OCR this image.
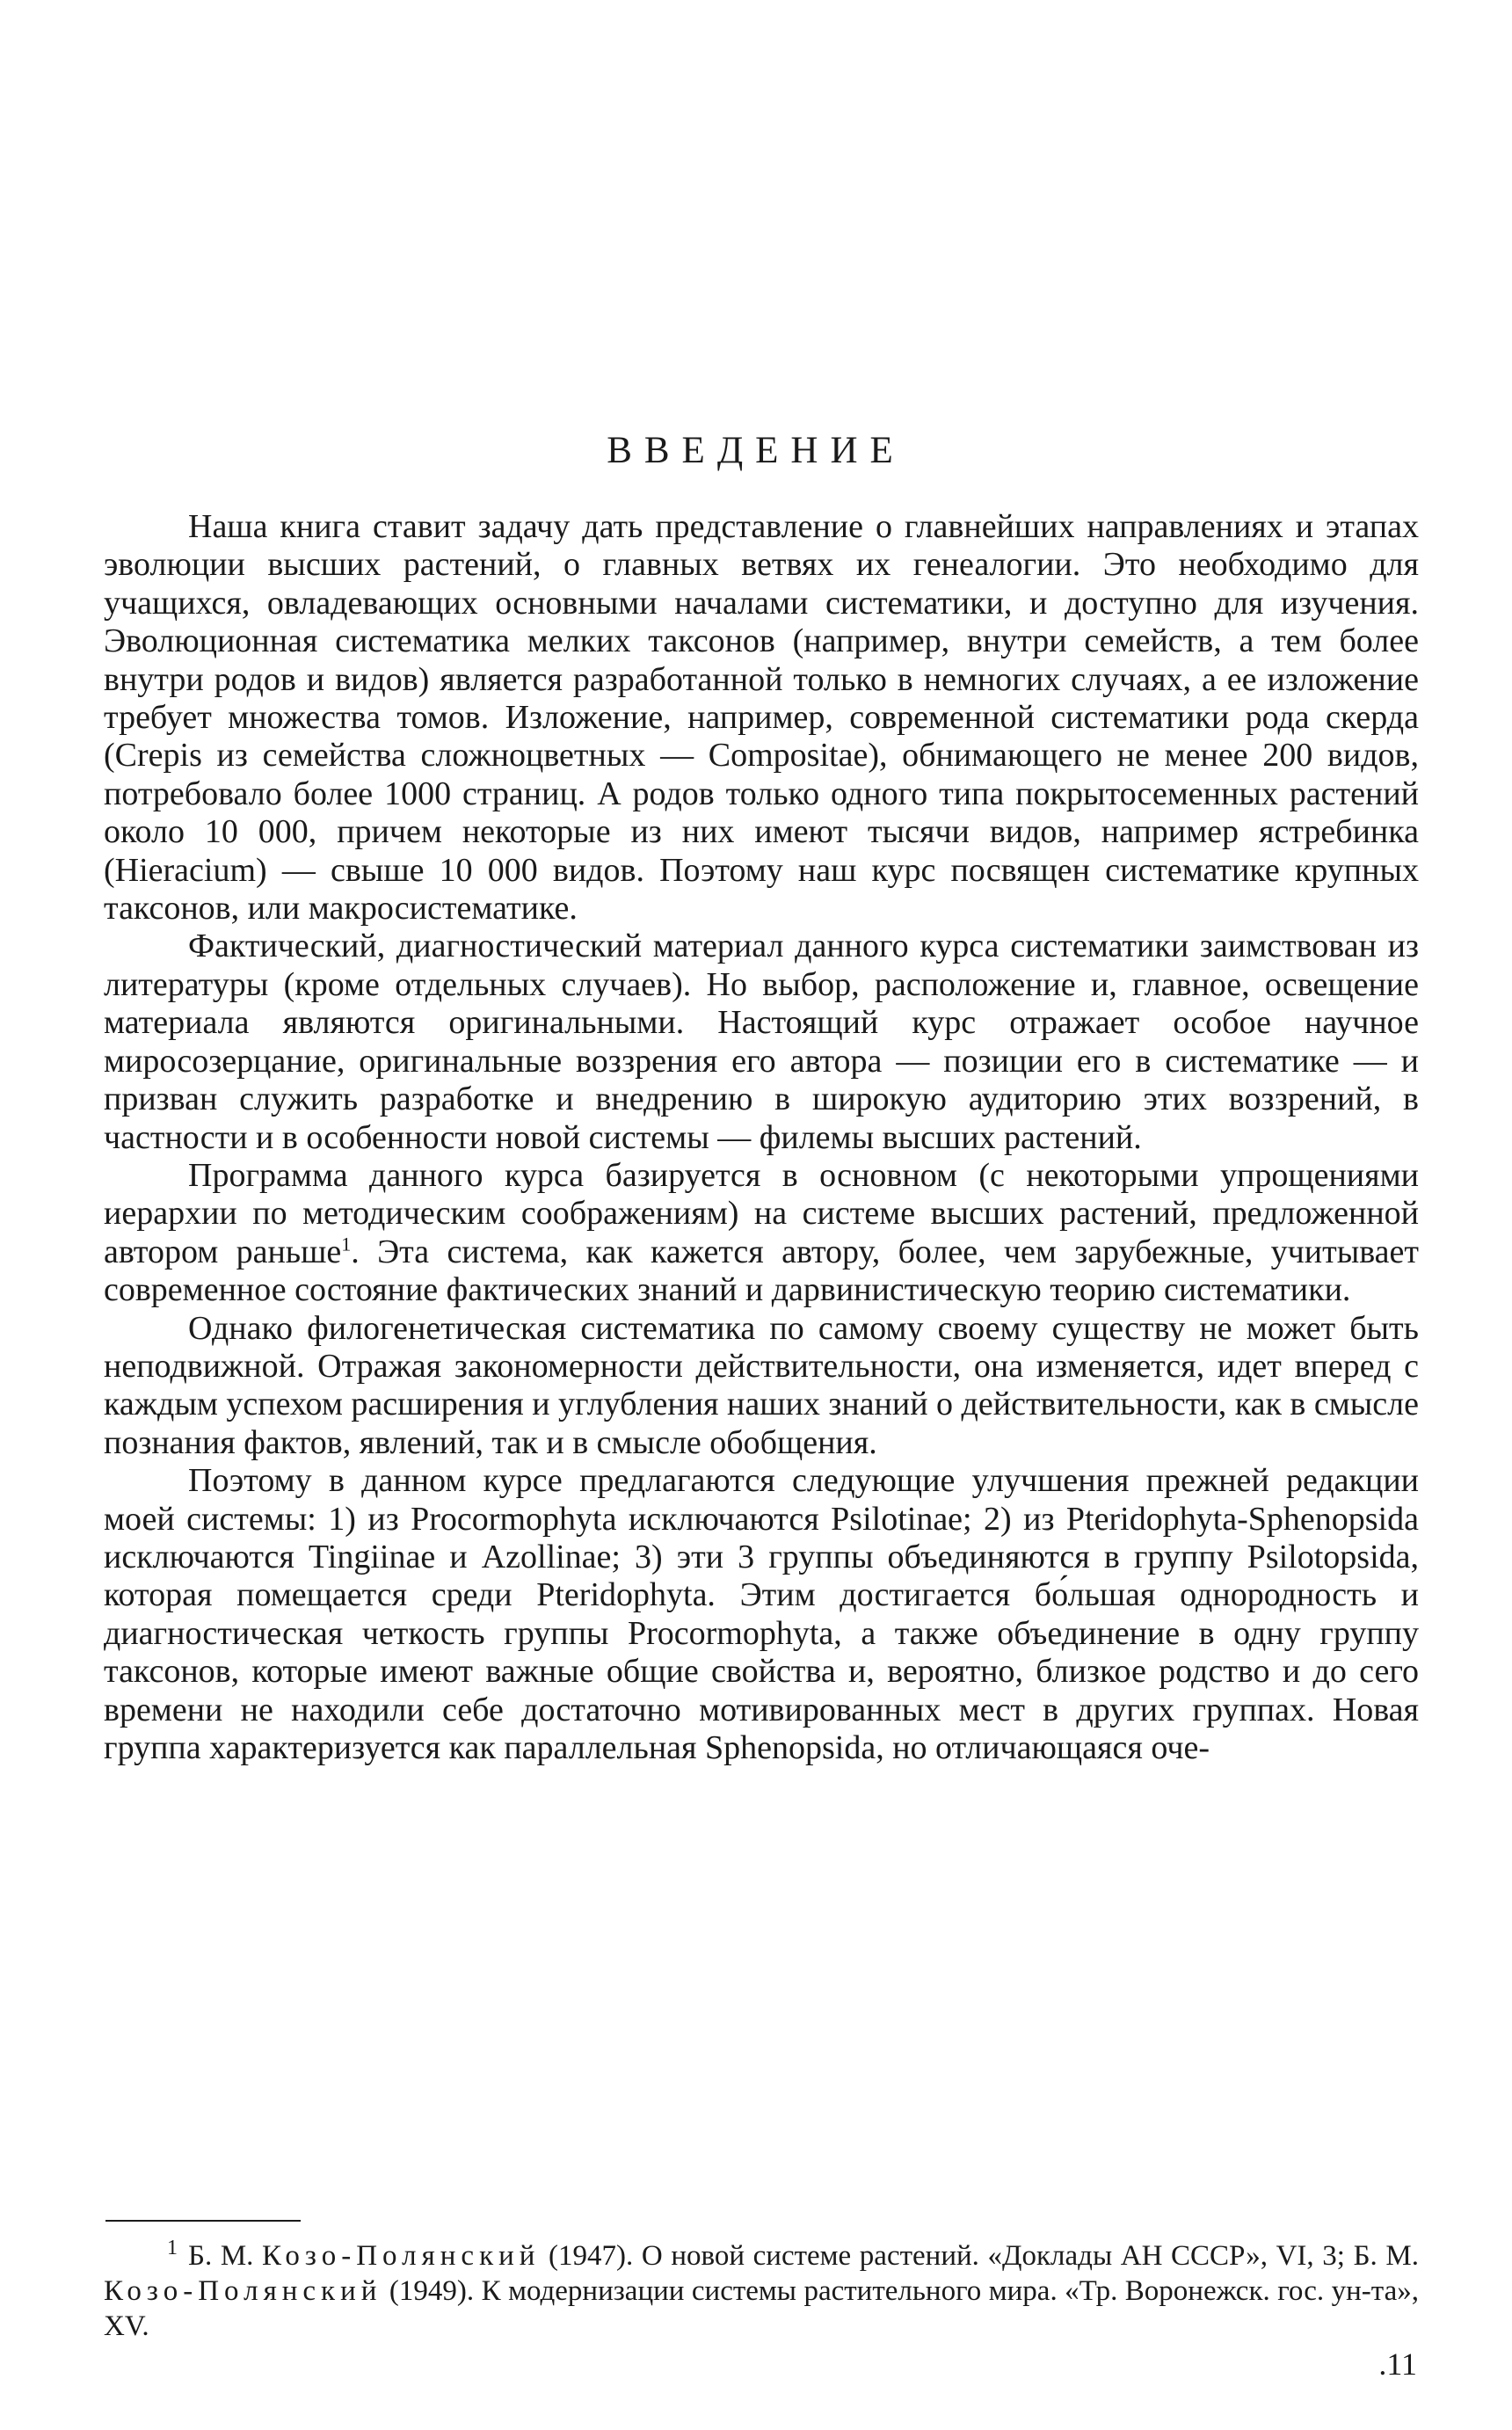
ВВЕДЕНИЕ

Наша книга ставит задачу дать представление о главнейших направлениях и этапах эволюции высших растений, о главных ветвях их генеалогии. Это необходимо для учащихся, овладевающих основными началами систематики, и доступно для изучения. Эволюционная систематика мелких таксонов (например, внутри семейств, а тем более внутри родов и видов) является разработанной только в немногих случаях, а ее изложение требует множества томов. Изложение, например, современной систематики рода скерда (Crepis из семейства сложноцветных — Compositae), обнимающего не менее 200 видов, потребовало более 1000 страниц. А родов только одного типа покрытосеменных растений около 10 000, причем некоторые из них имеют тысячи видов, например ястребинка (Hieracium) — свыше 10 000 видов. Поэтому наш курс посвящен систематике крупных таксонов, или макросистематике.

Фактический, диагностический материал данного курса систематики заимствован из литературы (кроме отдельных случаев). Но выбор, расположение и, главное, освещение материала являются оригинальными. Настоящий курс отражает особое научное миросозерцание, оригинальные воззрения его автора — позиции его в систематике — и призван служить разработке и внедрению в широкую аудиторию этих воззрений, в частности и в особенности новой системы — филемы высших растений.

Программа данного курса базируется в основном (с некоторыми упрощениями иерархии по методическим соображениям) на системе высших растений, предложенной автором раньше$^1$. Эта система, как кажется автору, более, чем зарубежные, учитывает современное состояние фактических знаний и дарвинистическую теорию систематики.

Однако филогенетическая систематика по самому своему существу не может быть неподвижной. Отражая закономерности действительности, она изменяется, идет вперед с каждым успехом расширения и углубления наших знаний о действительности, как в смысле познания фактов, явлений, так и в смысле обобщения.

Поэтому в данном курсе предлагаются следующие улучшения прежней редакции моей системы: 1) из Procormophyta исключаются Psilotinae; 2) из Pteridophyta-Sphenopsida исключаются Tingiinae и Azollinae; 3) эти 3 группы объединяются в группу Psilotopsida, которая помещается среди Pteridophyta. Этим достигается бо́льшая однородность и диагностическая четкость группы Procormophyta, а также объединение в одну группу таксонов, которые имеют важные общие свойства и, вероятно, близкое родство и до сего времени не находили себе достаточно мотивированных мест в других группах. Новая группа характеризуется как параллельная Sphenopsida, но отличающаяся оче-

1 Б. М. Козо-Полянский (1947). О новой системе растений. «Доклады АН СССР», VI, 3; Б. М. Козо-Полянский (1949). К модернизации системы растительного мира. «Тр. Воронежск. гос. ун-та», XV.

.11
